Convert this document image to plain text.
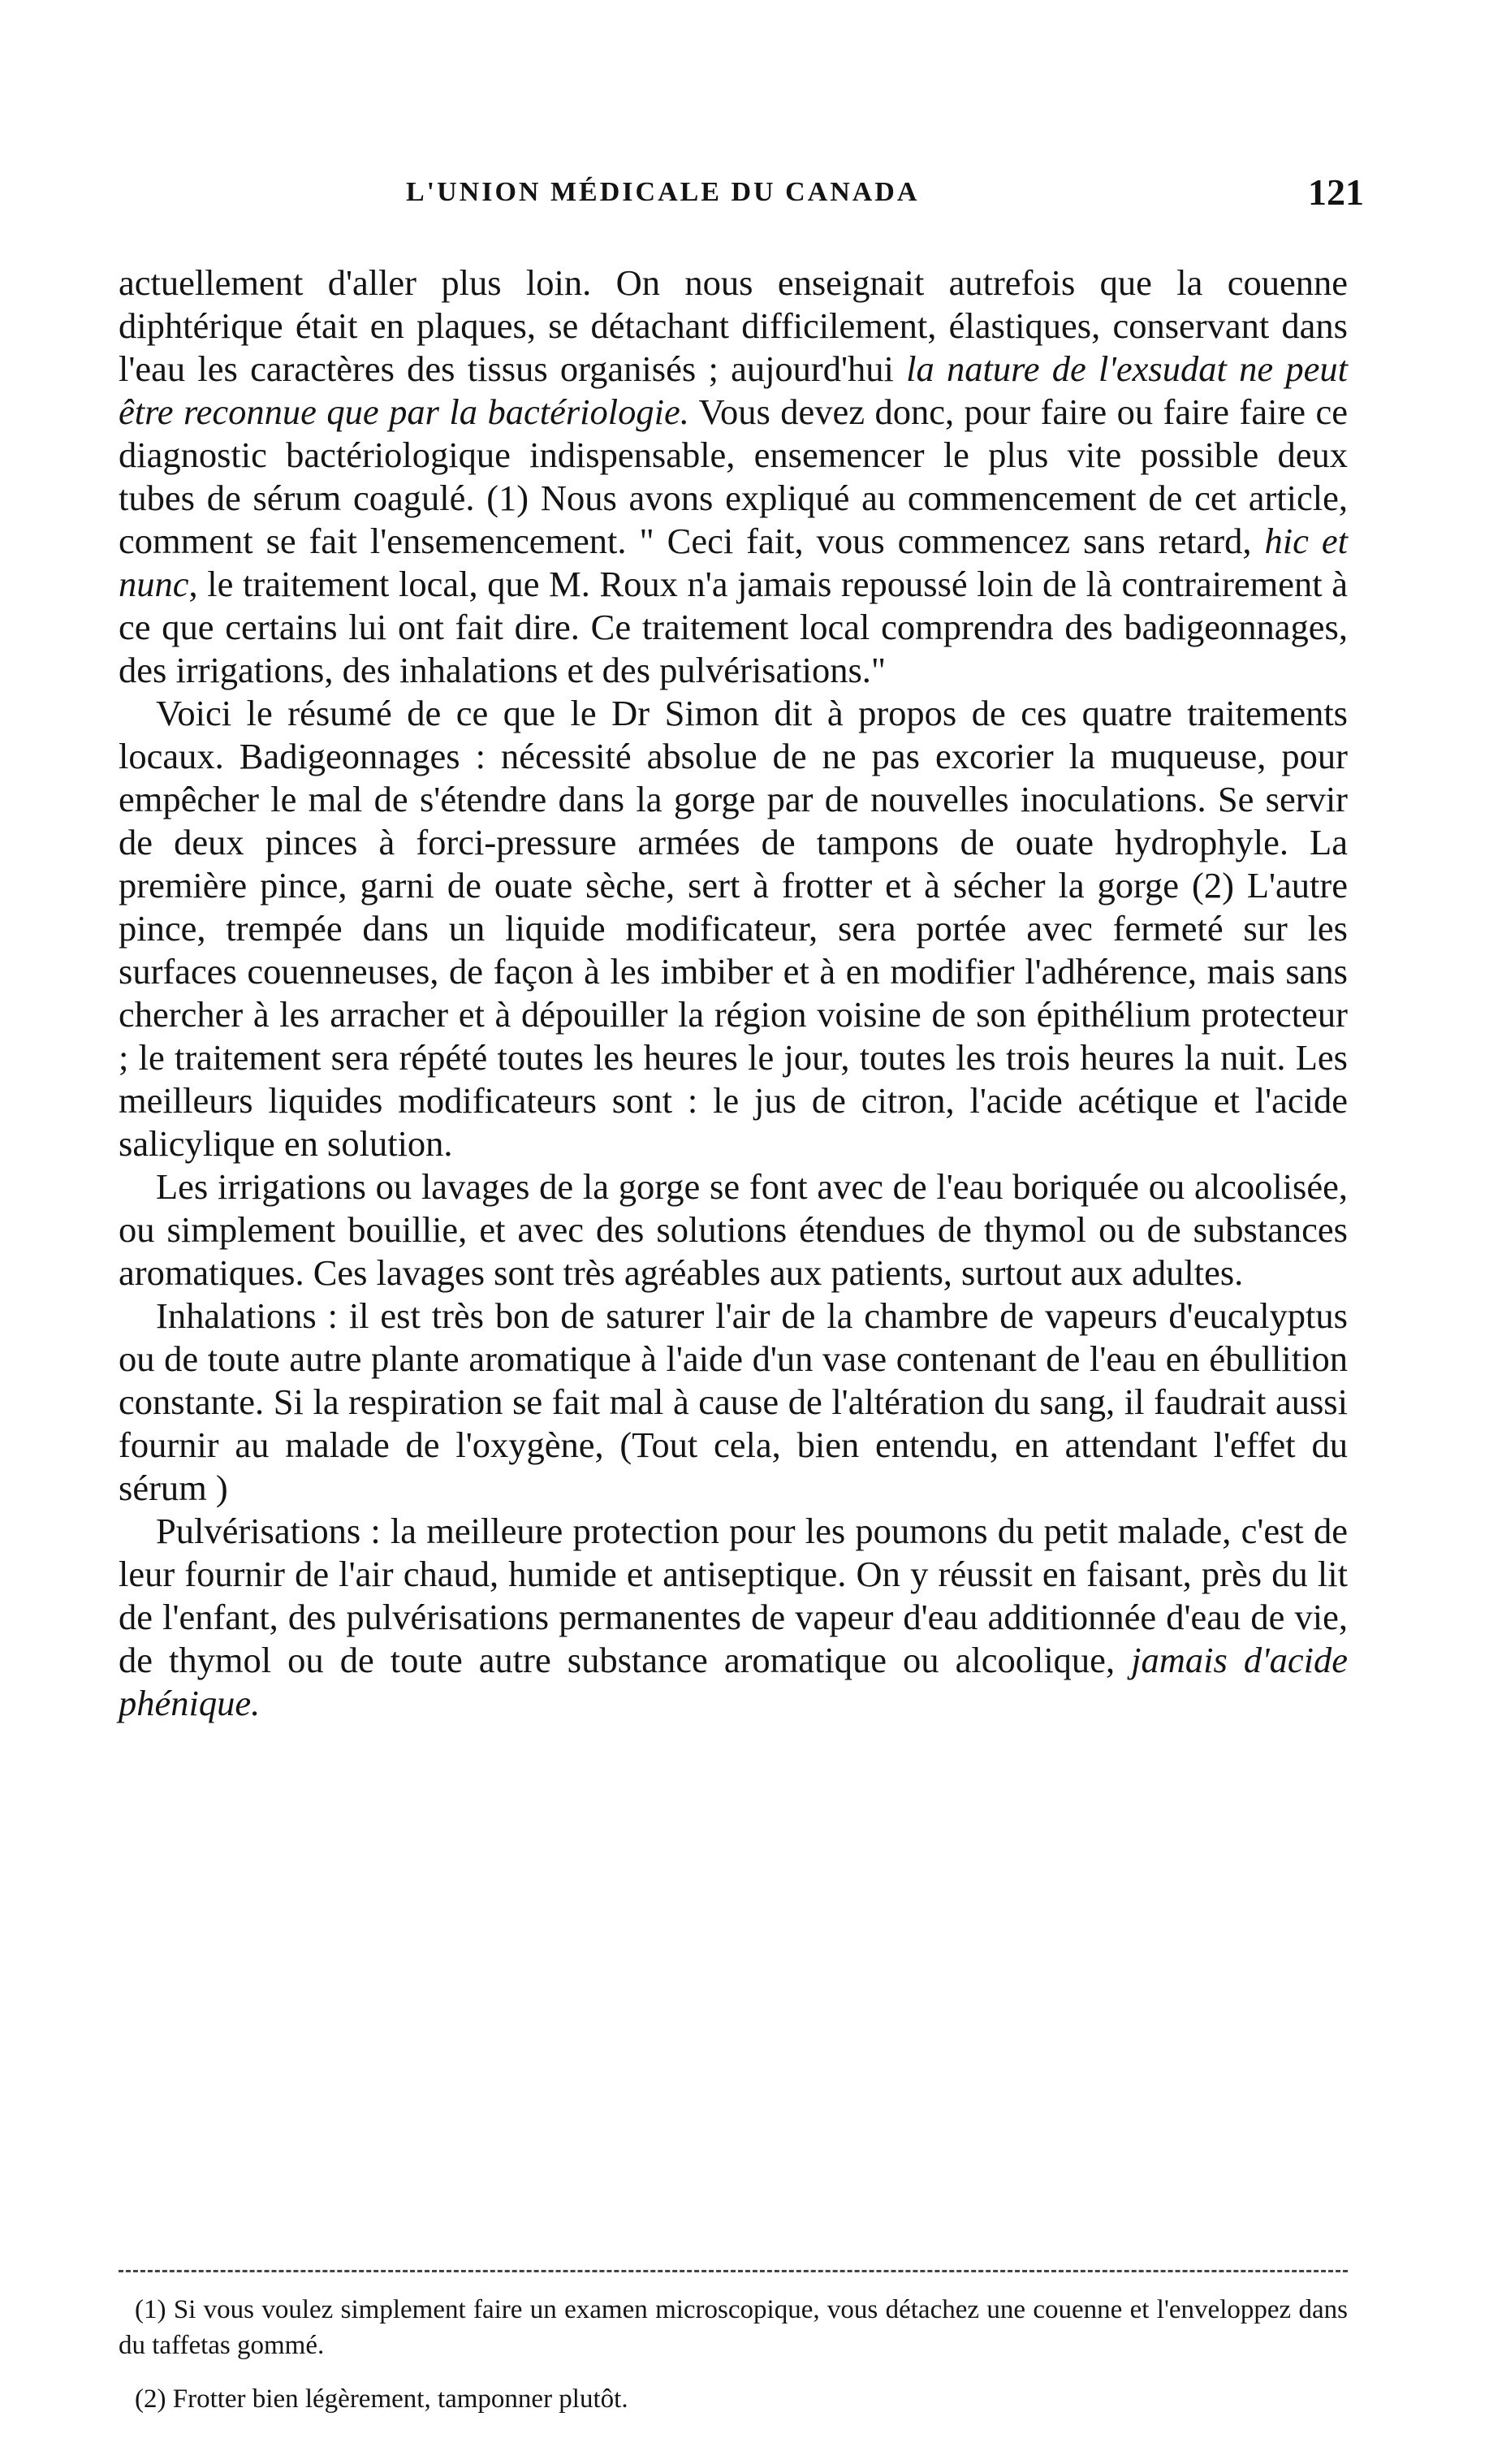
L'UNION MÉDICALE DU CANADA	121

actuellement d'aller plus loin. On nous enseignait autrefois que la couenne diphtérique était en plaques, se détachant difficilement, élastiques, conservant dans l'eau les caractères des tissus organisés ; aujourd'hui la nature de l'exsudat ne peut être reconnue que par la bactériologie. Vous devez donc, pour faire ou faire faire ce diagnostic bactériologique indispensable, ensemencer le plus vite possible deux tubes de sérum coagulé. (1) Nous avons expliqué au commencement de cet article, comment se fait l'ensemencement. " Ceci fait, vous commencez sans retard, hic et nunc, le traitement local, que M. Roux n'a jamais repoussé loin de là contrairement à ce que certains lui ont fait dire. Ce traitement local comprendra des badigeonnages, des irrigations, des inhalations et des pulvérisations."

Voici le résumé de ce que le Dr Simon dit à propos de ces quatre traitements locaux. Badigeonnages : nécessité absolue de ne pas excorier la muqueuse, pour empêcher le mal de s'étendre dans la gorge par de nouvelles inoculations. Se servir de deux pinces à forci-pressure armées de tampons de ouate hydrophyle. La première pince, garni de ouate sèche, sert à frotter et à sécher la gorge (2) L'autre pince, trempée dans un liquide modificateur, sera portée avec fermeté sur les surfaces couenneuses, de façon à les imbiber et à en modifier l'adhérence, mais sans chercher à les arracher et à dépouiller la région voisine de son épithélium protecteur ; le traitement sera répété toutes les heures le jour, toutes les trois heures la nuit. Les meilleurs liquides modificateurs sont : le jus de citron, l'acide acétique et l'acide salicylique en solution.

Les irrigations ou lavages de la gorge se font avec de l'eau boriquée ou alcoolisée, ou simplement bouillie, et avec des solutions étendues de thymol ou de substances aromatiques. Ces lavages sont très agréables aux patients, surtout aux adultes.

Inhalations : il est très bon de saturer l'air de la chambre de vapeurs d'eucalyptus ou de toute autre plante aromatique à l'aide d'un vase contenant de l'eau en ébullition constante. Si la respiration se fait mal à cause de l'altération du sang, il faudrait aussi fournir au malade de l'oxygène, (Tout cela, bien entendu, en attendant l'effet du sérum )

Pulvérisations : la meilleure protection pour les poumons du petit malade, c'est de leur fournir de l'air chaud, humide et antiseptique. On y réussit en faisant, près du lit de l'enfant, des pulvérisations permanentes de vapeur d'eau additionnée d'eau de vie, de thymol ou de toute autre substance aromatique ou alcoolique, jamais d'acide phénique.

(1) Si vous voulez simplement faire un examen microscopique, vous détachez une couenne et l'enveloppez dans du taffetas gommé.

(2) Frotter bien légèrement, tamponner plutôt.
